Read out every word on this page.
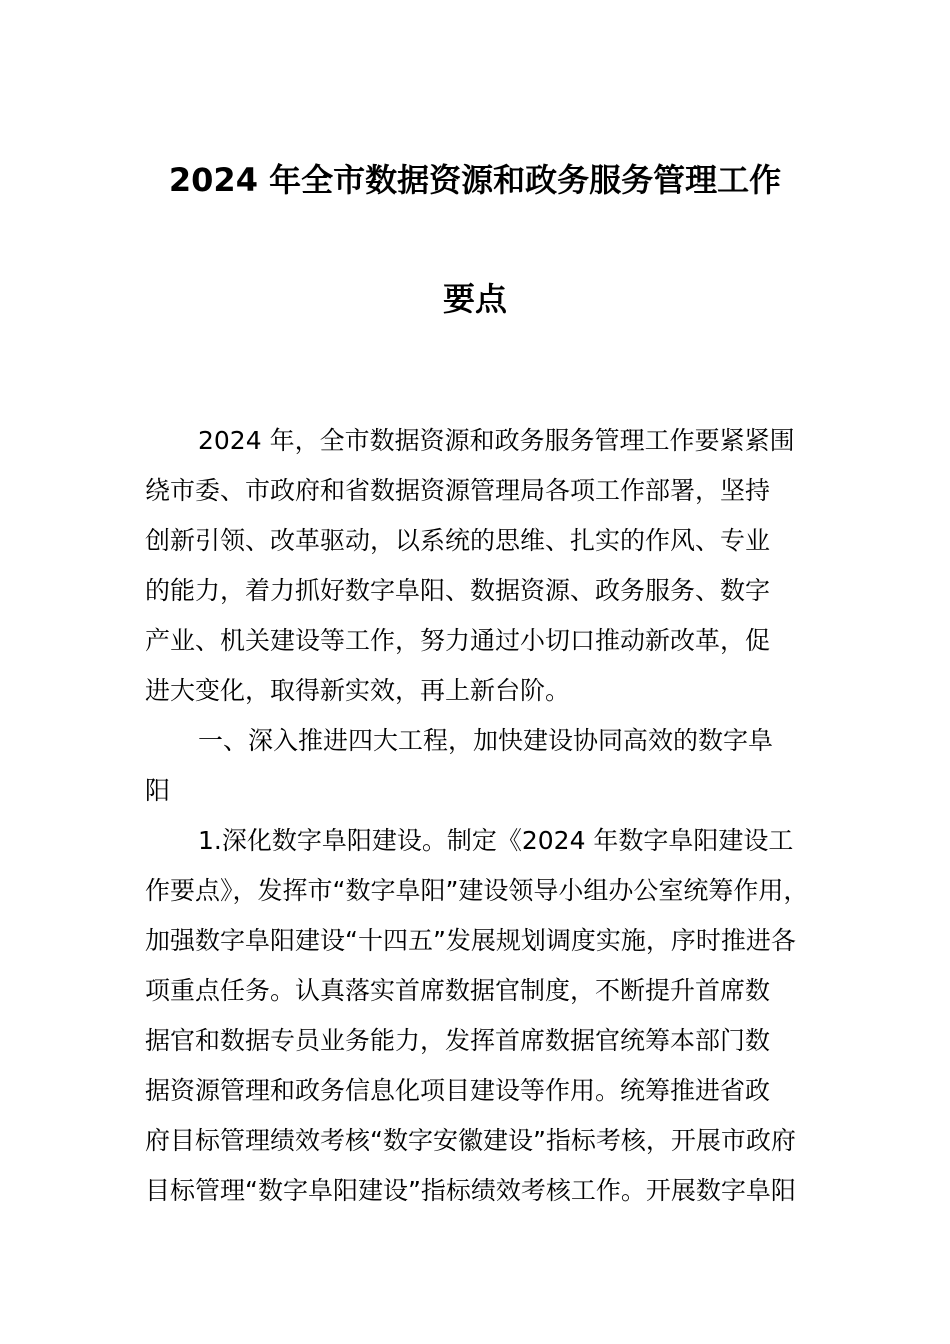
2024 年全市数据资源和政务服务管理工作
要点
2024 年，全市数据资源和政务服务管理工作要紧紧围
绕市委、市政府和省数据资源管理局各项工作部署，坚持
创新引领、改革驱动，以系统的思维、扎实的作风、专业
的能力，着力抓好数字阜阳、数据资源、政务服务、数字
产业、机关建设等工作，努力通过小切口推动新改革，促
进大变化，取得新实效，再上新台阶。
一、深入推进四大工程，加快建设协同高效的数字阜
阳
1.深化数字阜阳建设。制定《2024 年数字阜阳建设工
作要点》，发挥市“数字阜阳”建设领导小组办公室统筹作用，
加强数字阜阳建设“十四五”发展规划调度实施，序时推进各
项重点任务。认真落实首席数据官制度，不断提升首席数
据官和数据专员业务能力，发挥首席数据官统筹本部门数
据资源管理和政务信息化项目建设等作用。统筹推进省政
府目标管理绩效考核“数字安徽建设”指标考核，开展市政府
目标管理“数字阜阳建设”指标绩效考核工作。开展数字阜阳
